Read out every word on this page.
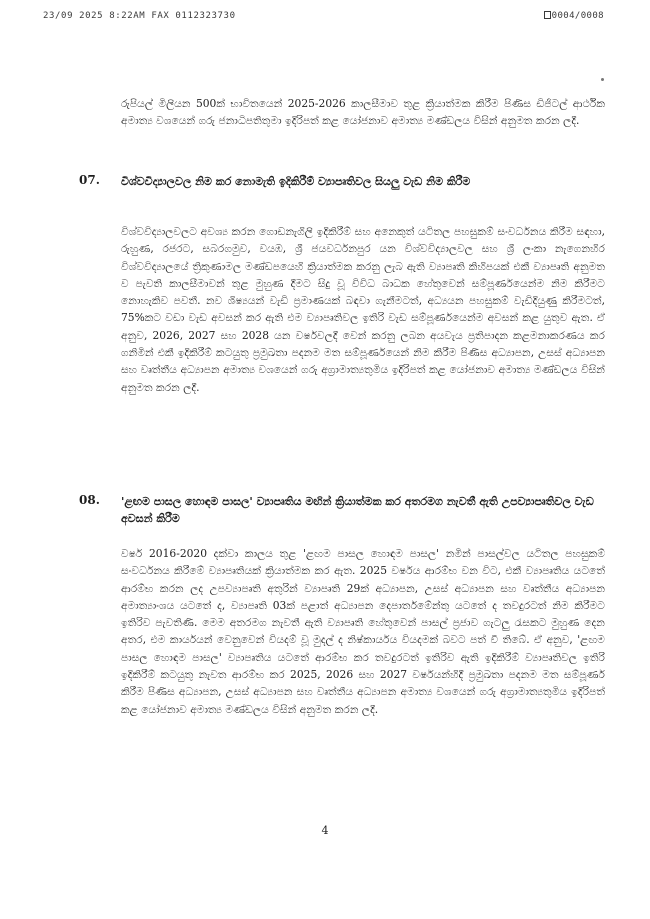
23/09 2025 8:22AM FAX 0112323730	0004/0008

රුපියල් මිලියන 500ක් භාවිතයෙන් 2025-2026 කාලසීමාව තුළ ක්‍රියාත්මක කිරීම පිණිස ඩිජිටල් ආර්ථික අමාත්‍ය වශයෙන් ගරු ජනාධිපතිතුමා ඉදිරිපත් කළ යෝජනාව අමාත්‍ය මණ්ඩලය විසින් අනුමත කරන ලදී.

07. විශ්වවිද්‍යාලවල නිම කර නොමැති ඉදිකිරීම් ව්‍යාපෘතිවල සියලු වැඩ නිම කිරීම

විශ්වවිද්‍යාලවලට අවශ්‍ය කරන ගොඩනැගිලි ඉදිකිරීම් සහ අනෙකුත් යටිතල පහසුකම් සංවර්ධනය කිරීම සඳහා, රුහුණ, රජරට, සබරගමුව, වයඹ, ශ්‍රී ජයවර්ධනපුර යන විශ්වවිද්‍යාලවල සහ ශ්‍රී ලංකා නැගෙනහිර විශ්වවිද්‍යාලයේ ත්‍රිකුණාමල මණ්ඩපයෙහි ක්‍රියාත්මක කරනු ලැබ ඇති ව්‍යාපෘති කිහිපයක් එකී ව්‍යාපෘති අනුමත ව පැවති කාලසීමාවන් තුළ මුහුණ දීමට සිදු වූ විවිධ බාධක හේතුවෙන් සම්පූර්ණයෙන්ම නිම කිරීමට නොහැකිව පවතී. නව ශිෂ්‍යයන් වැඩි ප්‍රමාණයක් බඳවා ගැනීමටත්, අධ්‍යයන පහසුකම් වැඩිදියුණු කිරීමටත්, 75%කට වඩා වැඩ අවසන් කර ඇති එම ව්‍යාපෘතිවල ඉතිරි වැඩ සම්පූර්ණයෙන්ම අවසන් කළ යුතුව ඇත. ඒ අනුව, 2026, 2027 සහ 2028 යන වර්ෂවලදී වෙන් කරනු ලබන අයවැය ප්‍රතිපාදන කළමනාකරණය කර ගනිමින් එකී ඉදිකිරීම් කටයුතු ප්‍රමුඛතා පදනම මත සම්පූර්ණයෙන් නිම කිරීම පිණිස අධ්‍යාපන, උසස් අධ්‍යාපන සහ වෘත්තීය අධ්‍යාපන අමාත්‍ය වශයෙන් ගරු අග්‍රාමාත්‍යතුමිය ඉදිරිපත් කළ යෝජනාව අමාත්‍ය මණ්ඩලය විසින් අනුමත කරන ලදී.

08. 'ළඟම පාසල හොඳම පාසල' ව්‍යාපෘතිය මඟින් ක්‍රියාත්මක කර අතරමග නැවතී ඇති උපව්‍යාපෘතිවල වැඩ අවසන් කිරීම

වර්ෂ 2016-2020 දක්වා කාලය තුළ 'ළඟම පාසල හොඳම පාසල' නමින් පාසල්වල යටිතල පහසුකම් සංවර්ධනය කිරීමේ ව්‍යාපෘතියක් ක්‍රියාත්මක කර ඇත. 2025 වර්ෂය ආරම්භ වන විට, එකී ව්‍යාපෘතිය යටතේ ආරම්භ කරන ලද උපව්‍යාපෘති අතුරින් ව්‍යාපෘති 29ක් අධ්‍යාපන, උසස් අධ්‍යාපන සහ වෘත්තීය අධ්‍යාපන අමාත්‍යාංශය යටතේ ද, ව්‍යාපෘති 03ක් පළාත් අධ්‍යාපන දෙපාර්තමේන්තු යටතේ ද තවදුරටත් නිම කිරීමට ඉතිරිව පැවතිණි. මෙම අතරමග නැවතී ඇති ව්‍යාපෘති හේතුවෙන් පාසල් ප්‍රජාව ගැටලු රැසකට මුහුණ දෙන අතර, එම කාර්යයන් වෙනුවෙන් වියදම් වූ මුදල් ද නිෂ්කාර්යය වියදමක් බවට පත් වී තිබේ. ඒ අනුව, 'ළඟම පාසල හොඳම පාසල' ව්‍යාපෘතිය යටතේ ආරම්භ කර තවදුරටත් ඉතිරිව ඇති ඉදිකිරීම් ව්‍යාපෘතිවල ඉතිරි ඉදිකිරීම් කටයුතු නැවත ආරම්භ කර 2025, 2026 සහ 2027 වර්ෂයන්හිදී ප්‍රමුඛතා පදනම මත සම්පූර්ණ කිරීම පිණිස අධ්‍යාපන, උසස් අධ්‍යාපන සහ වෘත්තීය අධ්‍යාපන අමාත්‍ය වශයෙන් ගරු අග්‍රාමාත්‍යතුමිය ඉදිරිපත් කළ යෝජනාව අමාත්‍ය මණ්ඩලය විසින් අනුමත කරන ලදී.

4
